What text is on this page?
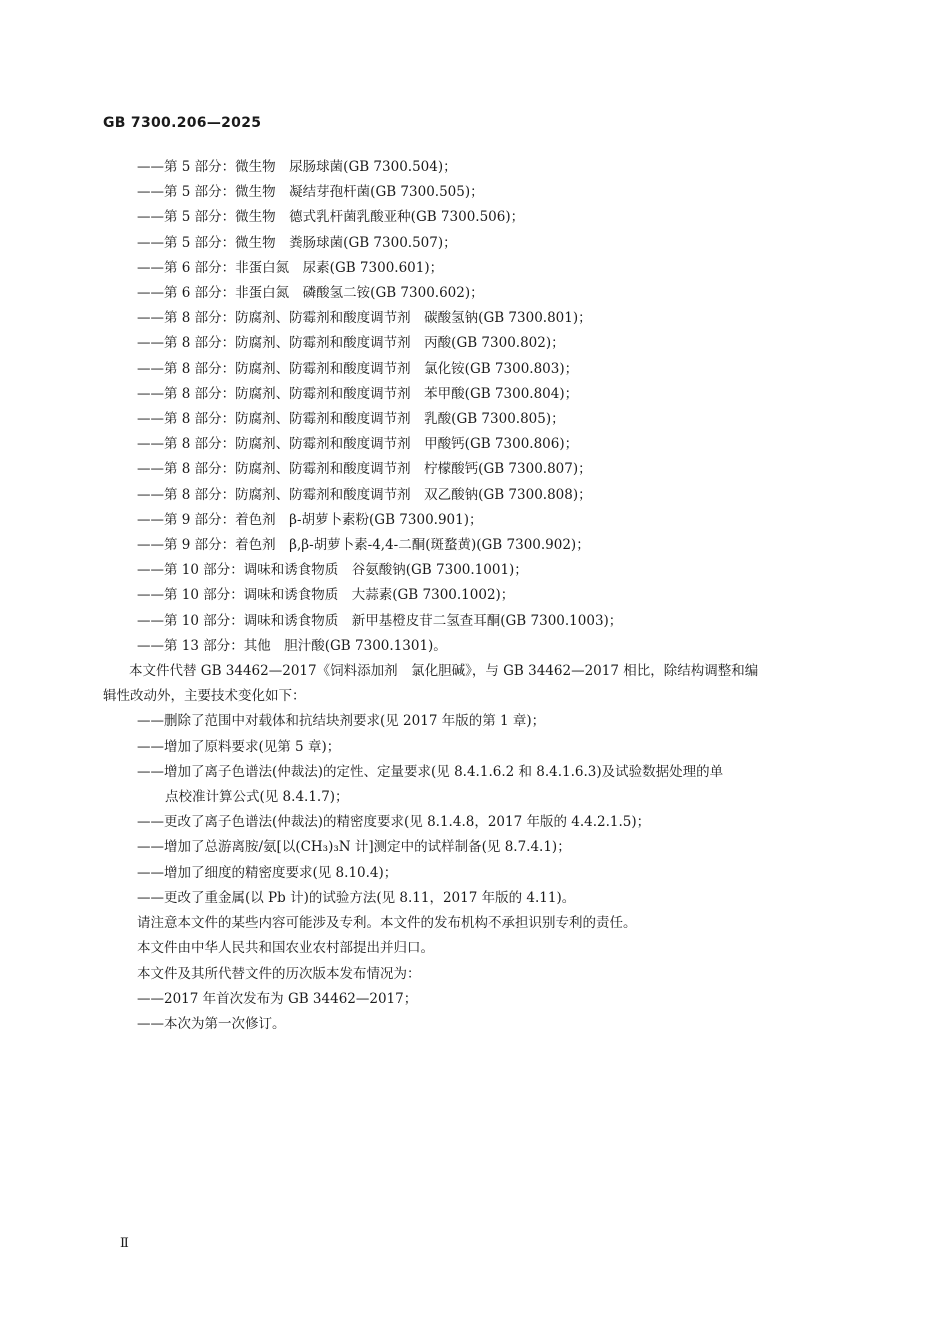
GB 7300.206—2025
——第 5 部分：微生物　尿肠球菌(GB 7300.504)；
——第 5 部分：微生物　凝结芽孢杆菌(GB 7300.505)；
——第 5 部分：微生物　德式乳杆菌乳酸亚种(GB 7300.506)；
——第 5 部分：微生物　粪肠球菌(GB 7300.507)；
——第 6 部分：非蛋白氮　尿素(GB 7300.601)；
——第 6 部分：非蛋白氮　磷酸氢二铵(GB 7300.602)；
——第 8 部分：防腐剂、防霉剂和酸度调节剂　碳酸氢钠(GB 7300.801)；
——第 8 部分：防腐剂、防霉剂和酸度调节剂　丙酸(GB 7300.802)；
——第 8 部分：防腐剂、防霉剂和酸度调节剂　氯化铵(GB 7300.803)；
——第 8 部分：防腐剂、防霉剂和酸度调节剂　苯甲酸(GB 7300.804)；
——第 8 部分：防腐剂、防霉剂和酸度调节剂　乳酸(GB 7300.805)；
——第 8 部分：防腐剂、防霉剂和酸度调节剂　甲酸钙(GB 7300.806)；
——第 8 部分：防腐剂、防霉剂和酸度调节剂　柠檬酸钙(GB 7300.807)；
——第 8 部分：防腐剂、防霉剂和酸度调节剂　双乙酸钠(GB 7300.808)；
——第 9 部分：着色剂　β-胡萝卜素粉(GB 7300.901)；
——第 9 部分：着色剂　β,β-胡萝卜素-4,4-二酮(斑蝥黄)(GB 7300.902)；
——第 10 部分：调味和诱食物质　谷氨酸钠(GB 7300.1001)；
——第 10 部分：调味和诱食物质　大蒜素(GB 7300.1002)；
——第 10 部分：调味和诱食物质　新甲基橙皮苷二氢查耳酮(GB 7300.1003)；
——第 13 部分：其他　胆汁酸(GB 7300.1301)。
本文件代替 GB 34462—2017《饲料添加剂　氯化胆碱》，与 GB 34462—2017 相比，除结构调整和编
辑性改动外，主要技术变化如下：
——删除了范围中对载体和抗结块剂要求(见 2017 年版的第 1 章)；
——增加了原料要求(见第 5 章)；
——增加了离子色谱法(仲裁法)的定性、定量要求(见 8.4.1.6.2 和 8.4.1.6.3)及试验数据处理的单
点校准计算公式(见 8.4.1.7)；
——更改了离子色谱法(仲裁法)的精密度要求(见 8.1.4.8，2017 年版的 4.4.2.1.5)；
——增加了总游离胺/氨[以(CH₃)₃N 计]测定中的试样制备(见 8.7.4.1)；
——增加了细度的精密度要求(见 8.10.4)；
——更改了重金属(以 Pb 计)的试验方法(见 8.11，2017 年版的 4.11)。
请注意本文件的某些内容可能涉及专利。本文件的发布机构不承担识别专利的责任。
本文件由中华人民共和国农业农村部提出并归口。
本文件及其所代替文件的历次版本发布情况为：
——2017 年首次发布为 GB 34462—2017；
——本次为第一次修订。
Ⅱ
